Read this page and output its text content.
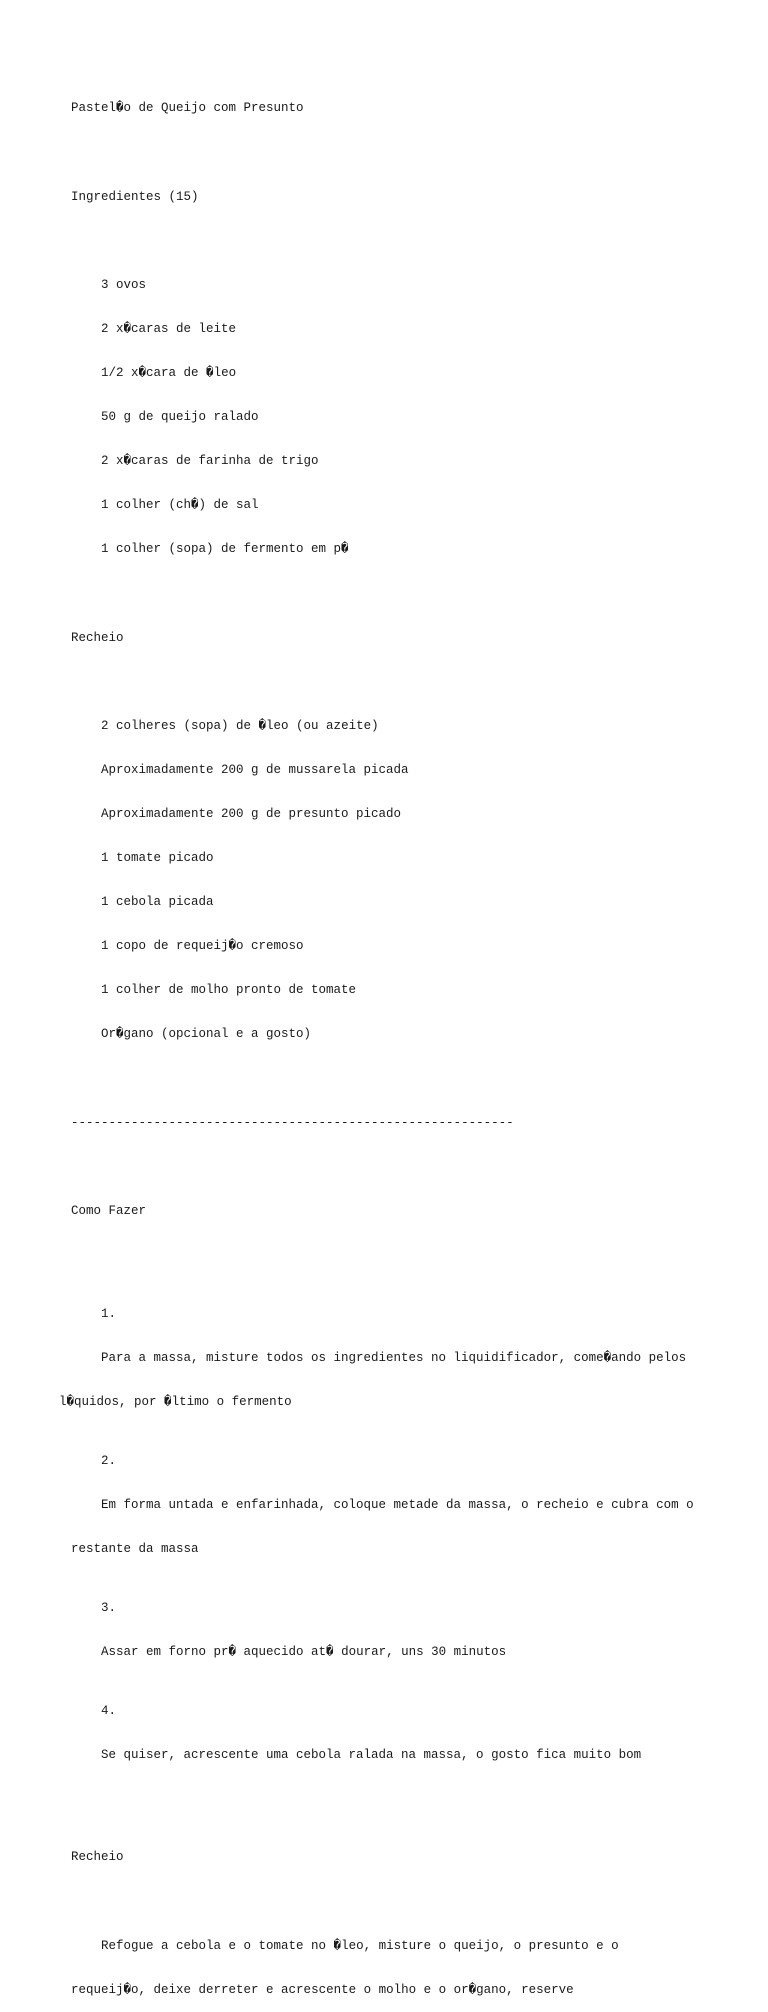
Pastel�o de Queijo com Presunto

Ingredientes (15)

3 ovos

2 x�caras de leite

1/2 x�cara de �leo

50 g de queijo ralado

2 x�caras de farinha de trigo

1 colher (ch�) de sal

1 colher (sopa) de fermento em p�

Recheio

2 colheres (sopa) de �leo (ou azeite)

Aproximadamente 200 g de mussarela picada

Aproximadamente 200 g de presunto picado

1 tomate picado

1 cebola picada

1 copo de requeij�o cremoso

1 colher de molho pronto de tomate

Or�gano (opcional e a gosto)

-----------------------------------------------------------

Como Fazer

1.

Para a massa, misture todos os ingredientes no liquidificador, come�ando pelos

l�quidos, por �ltimo o fermento

2.

Em forma untada e enfarinhada, coloque metade da massa, o recheio e cubra com o

restante da massa

3.

Assar em forno pr� aquecido at� dourar, uns 30 minutos

4.

Se quiser, acrescente uma cebola ralada na massa, o gosto fica muito bom

Recheio

Refogue a cebola e o tomate no �leo, misture o queijo, o presunto e o

requeij�o, deixe derreter e acrescente o molho e o or�gano, reserve
